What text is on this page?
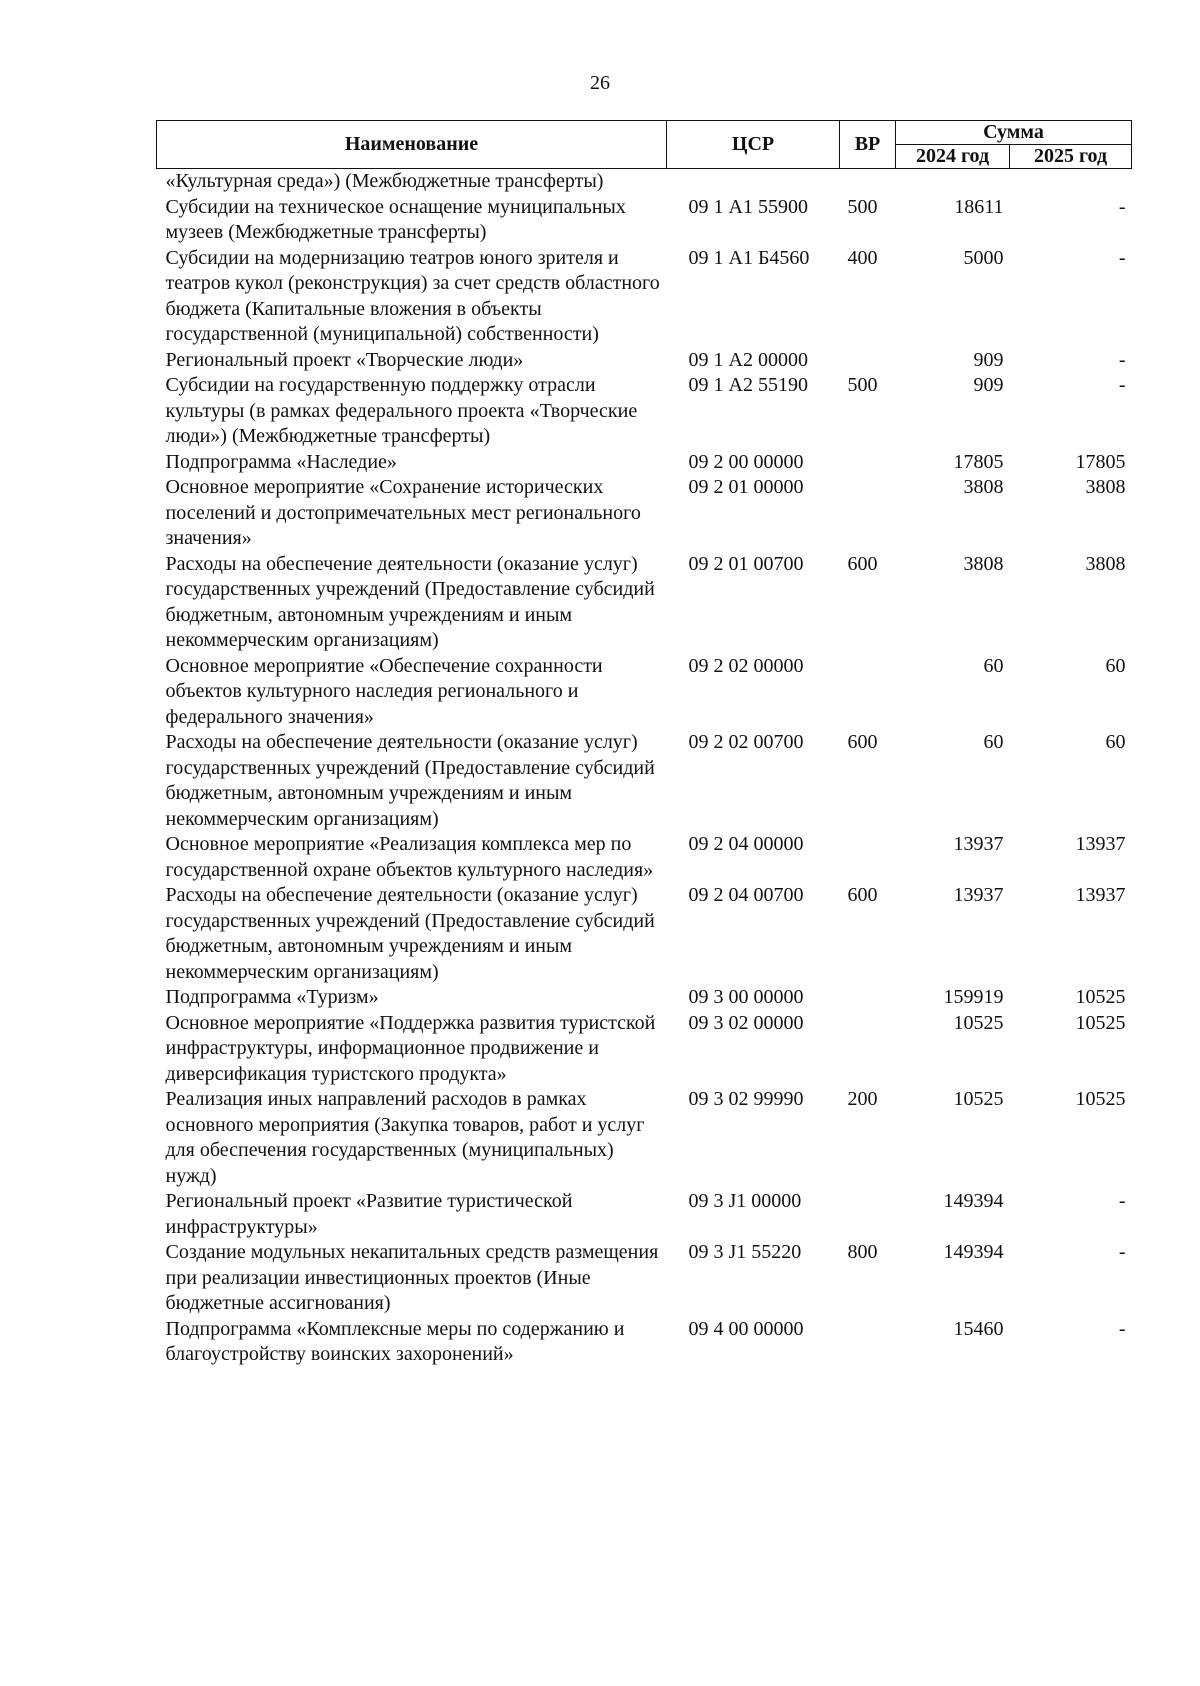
26
Наименование	ЦСР	ВР	Сумма	
			2024 год	2025 год
«Культурная среда») (Межбюджетные трансферты)				
Субсидии на техническое оснащение муниципальных музеев (Межбюджетные трансферты)	09 1 А1 55900	500	18611	-
Субсидии на модернизацию театров юного зрителя и театров кукол (реконструкция) за счет средств областного бюджета (Капитальные вложения в объекты государственной (муниципальной) собственности)	09 1 А1 Б4560	400	5000	-
Региональный проект «Творческие люди»	09 1 А2 00000		909	-
Субсидии на государственную поддержку отрасли культуры (в рамках федерального проекта «Творческие люди») (Межбюджетные трансферты)	09 1 А2 55190	500	909	-
Подпрограмма «Наследие»	09 2 00 00000		17805	17805
Основное мероприятие «Сохранение исторических поселений и достопримечательных мест регионального значения»	09 2 01 00000		3808	3808
Расходы на обеспечение деятельности (оказание услуг) государственных учреждений (Предоставление субсидий бюджетным, автономным учреждениям и иным некоммерческим организациям)	09 2 01 00700	600	3808	3808
Основное мероприятие «Обеспечение сохранности объектов культурного наследия регионального и федерального значения»	09 2 02 00000		60	60
Расходы на обеспечение деятельности (оказание услуг) государственных учреждений (Предоставление субсидий бюджетным, автономным учреждениям и иным некоммерческим организациям)	09 2 02 00700	600	60	60
Основное мероприятие «Реализация комплекса мер по государственной охране объектов культурного наследия»	09 2 04 00000		13937	13937
Расходы на обеспечение деятельности (оказание услуг) государственных учреждений (Предоставление субсидий бюджетным, автономным учреждениям и иным некоммерческим организациям)	09 2 04 00700	600	13937	13937
Подпрограмма «Туризм»	09 3 00 00000		159919	10525
Основное мероприятие «Поддержка развития туристской инфраструктуры, информационное продвижение и диверсификация туристского продукта»	09 3 02 00000		10525	10525
Реализация иных направлений расходов в рамках основного мероприятия (Закупка товаров, работ и услуг для обеспечения государственных (муниципальных) нужд)	09 3 02 99990	200	10525	10525
Региональный проект «Развитие туристической инфраструктуры»	09 3 J1 00000		149394	-
Создание модульных некапитальных средств размещения при реализации инвестиционных проектов (Иные бюджетные ассигнования)	09 3 J1 55220	800	149394	-
Подпрограмма «Комплексные меры по содержанию и благоустройству воинских захоронений»	09 4 00 00000		15460	-
